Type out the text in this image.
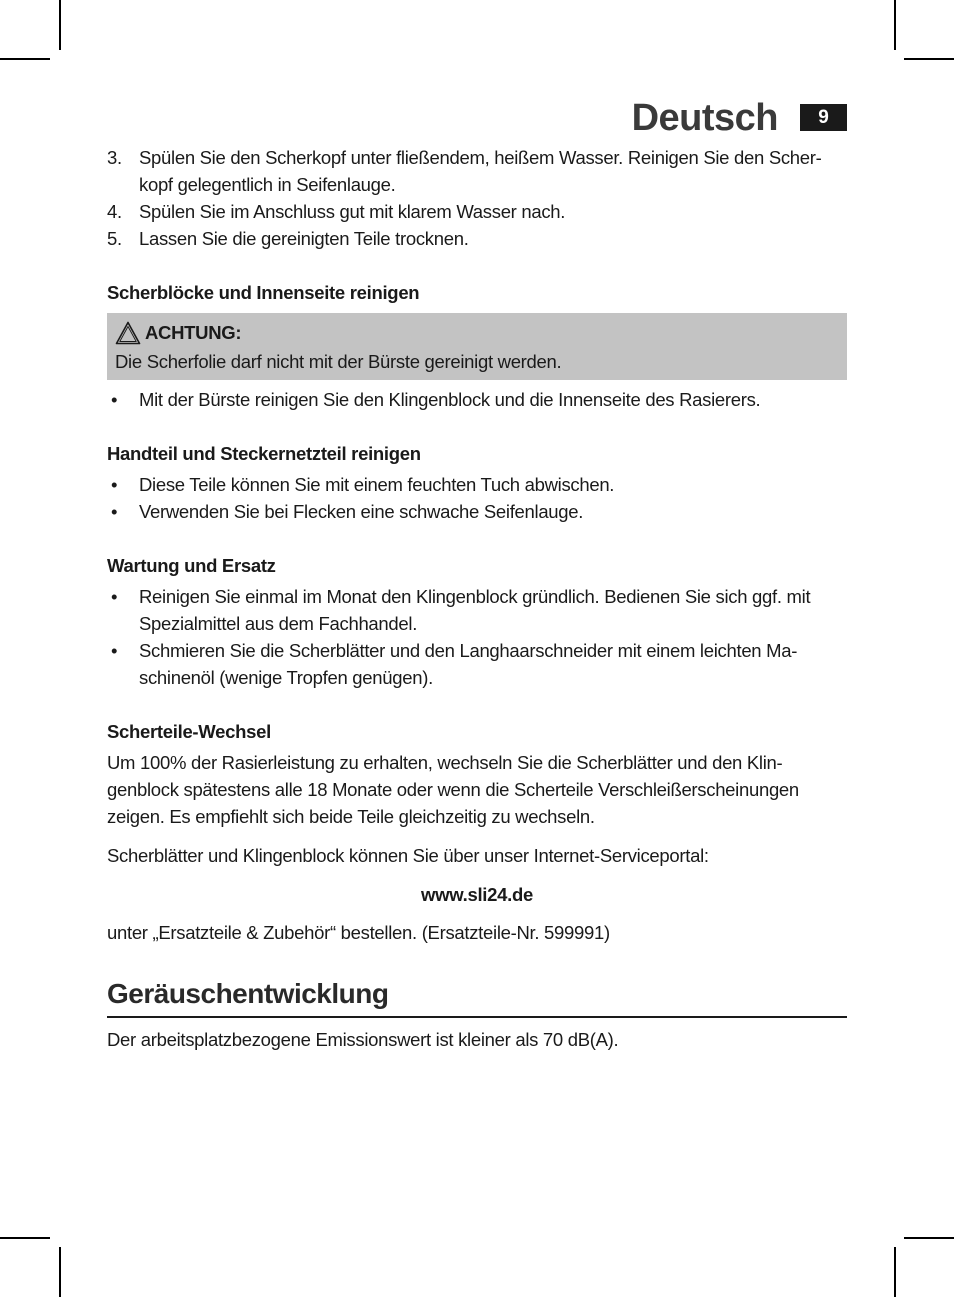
Deutsch	9
3. Spülen Sie den Scherkopf unter fließendem, heißem Wasser. Reinigen Sie den Scher-kopf gelegentlich in Seifenlauge.
4. Spülen Sie im Anschluss gut mit klarem Wasser nach.
5. Lassen Sie die gereinigten Teile trocknen.
Scherblöcke und Innenseite reinigen
ACHTUNG:
Die Scherfolie darf nicht mit der Bürste gereinigt werden.
• Mit der Bürste reinigen Sie den Klingenblock und die Innenseite des Rasierers.
Handteil und Steckernetzteil reinigen
• Diese Teile können Sie mit einem feuchten Tuch abwischen.
• Verwenden Sie bei Flecken eine schwache Seifenlauge.
Wartung und Ersatz
• Reinigen Sie einmal im Monat den Klingenblock gründlich. Bedienen Sie sich ggf. mit Spezialmittel aus dem Fachhandel.
• Schmieren Sie die Scherblätter und den Langhaarschneider mit einem leichten Ma-schinenöl (wenige Tropfen genügen).
Scherteile-Wechsel

Um 100% der Rasierleistung zu erhalten, wechseln Sie die Scherblätter und den Klin-genblock spätestens alle 18 Monate oder wenn die Scherteile Verschleißerscheinungen zeigen. Es empfiehlt sich beide Teile gleichzeitig zu wechseln.

Scherblätter und Klingenblock können Sie über unser Internet-Serviceportal:

www.sli24.de

unter „Ersatzteile & Zubehör“ bestellen. (Ersatzteile-Nr. 599991)

Geräuschentwicklung

Der arbeitsplatzbezogene Emissionswert ist kleiner als 70 dB(A).
